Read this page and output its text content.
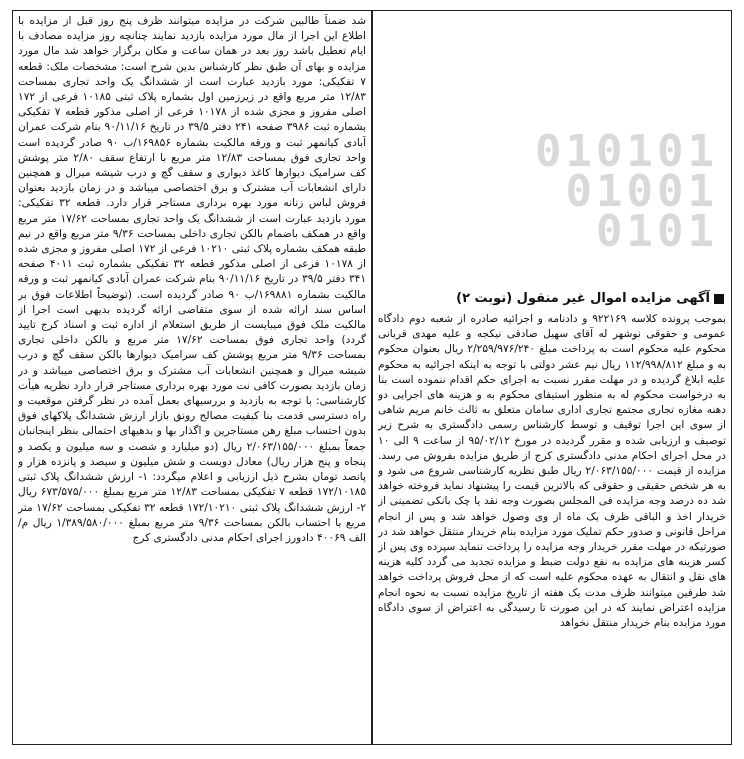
010101
01001
0101

شد ضمناً طالبین شرکت در مزایده میتوانند ظرف پنج روز قبل از مزایده با اطلاع این اجرا از مال مورد مزایده بازدید نمایند چنانچه روز مزایده مصادف با ایام تعطیل باشد روز بعد در همان ساعت و مکان برگزار خواهد شد مال مورد مزایده و بهای آن طبق نظر کارشناس بدین شرح است: مشخصات ملک: قطعه ۷ تفکیکی: مورد بازدید عبارت است از ششدانگ یک واحد تجاری بمساحت ۱۲/۸۳ متر مربع واقع در زیرزمین اول بشماره پلاک ثبتی ۱۰۱۸۵ فرعی از ۱۷۲ اصلی مفروز و مجزی شده از ۱۰۱۷۸ فرعی از اصلی مذکور قطعه ۷ تفکیکی بشماره ثبت ۳۹۸۶ صفحه ۲۴۱ دفتر ۳۹/۵ در تاریخ ۹۰/۱۱/۱۶ بنام شرکت عمران آبادی کیانمهر ثبت و ورقه مالکیت بشماره ۱۶۹۸۵۶/ب ۹۰ صادر گردیده است واحد تجاری فوق بمساحت ۱۲/۸۳ متر مربع با ارتفاع سقف ۲/۸۰ متر پوشش کف سرامیک دیوارها کاغذ دیواری و سقف گچ و درب شیشه میرال و همچنین دارای انشعابات آب مشترک و برق اختصاصی میباشد و در زمان بازدید بعنوان فروش لباس زنانه مورد بهره برداری مستاجر قرار دارد. قطعه ۳۲ تفکیکی: مورد بازدید عبارت است از ششدانگ یک واحد تجاری بمساحت ۱۷/۶۲ متر مربع واقع در همکف باضمام بالکن تجاری داخلی بمساحت ۹/۳۶ متر مربع واقع در نیم طبقه همکف بشماره پلاک ثبتی ۱۰۲۱۰ فرعی از ۱۷۲ اصلی مفروز و مجزی شده از ۱۰۱۷۸ فرعی از اصلی مذکور قطعه ۳۲ تفکیکی بشماره ثبت ۴۰۱۱ صفحه ۳۴۱ دفتر ۳۹/۵ در تاریخ ۹۰/۱۱/۱۶ بنام شرکت عمران آبادی کیانمهر ثبت و ورقه مالکیت بشماره ۱۶۹۸۸۱/ب ۹۰ صادر گردیده است. (توضیحاً اطلاعات فوق بر اساس سند ارائه شده از سوی متقاضی ارائه گردیده بدیهی است اجرا از مالکیت ملک فوق میبایست از طریق استعلام از اداره ثبت و اسناد کرج تایید گردد) واحد تجاری فوق بمساحت ۱۷/۶۲ متر مربع و بالکن داخلی تجاری بمساحت ۹/۳۶ متر مربع پوشش کف سرامیک دیوارها بالکن سقف گچ و درب شیشه میرال و همچنین انشعابات آب مشترک و برق اختصاصی میباشد و در زمان بازدید بصورت کافی نت مورد بهره برداری مستاجر قرار دارد نظریه هیأت کارشناسی: با توجه به بازدید و بررسیهای بعمل آمده در نظر گرفتن موقعیت و راه دسترسی قدمت بنا کیفیت مصالح رونق بازار ارزش ششدانگ پلاکهای فوق بدون احتساب مبلغ رهن مستاجرین و اگذار بها و بدهیهای احتمالی بنظر اینجانبان جمعاً بمبلغ ۲/۰۶۳/۱۵۵/۰۰۰ ریال (دو میلیارد و شصت و سه میلیون و یکصد و پنجاه و پنج هزار ریال) معادل دویست و شش میلیون و سیصد و پانزده هزار و پانصد تومان بشرح ذیل ارزیابی و اعلام میگردد: ۱- ارزش ششدانگ پلاک ثبتی ۱۷۲/۱۰۱۸۵ قطعه ۷ تفکیکی بمساحت ۱۲/۸۳ متر مربع بمبلغ ۶۷۳/۵۷۵/۰۰۰ ریال ۲- ارزش ششدانگ پلاک ثبتی ۱۷۲/۱۰۲۱۰ قطعه ۳۲ تفکیکی بمساحت ۱۷/۶۲ متر مربع با احتساب بالکن بمساحت ۹/۳۶ متر مربع بمبلغ ۱/۳۸۹/۵۸۰/۰۰۰ ریال م/الف ۴۰۰۶۹ دادورز اجرای احکام مدنی دادگستری کرج

آگهی مزایده اموال غیر منقول (نوبت ۲)

بموجب پرونده کلاسه ۹۲۲۱۶۹ و دادنامه و اجرائیه صادره از شعبه دوم دادگاه عمومی و حقوقی نوشهر له آقای سهیل صادقی نیکجه و علیه مهدی قربانی محکوم علیه محکوم است به پرداخت مبلغ ۲/۲۵۹/۹۷۶/۲۴۰ ریال بعنوان محکوم به و مبلغ ۱۱۲/۹۹۸/۸۱۲ ریال نیم عشر دولتی با توجه به اینکه اجرائیه به محکوم علیه ابلاغ گردیده و در مهلت مقرر نسبت به اجرای حکم اقدام ننموده است بنا به درخواست محکوم له به منظور استیفای محکوم به و هزینه های اجرایی دو دهنه مغازه تجاری مجتمع تجاری اداری سامان متعلق به ثالث خانم مریم شاهی از سوی این اجرا توقیف و توسط کارشناس رسمی دادگستری به شرح زیر توصیف و ارزیابی شده و مقرر گردیده در مورخ ۹۵/۰۲/۱۲ از ساعت ۹ الی ۱۰ در محل اجرای احکام مدنی دادگستری کرج از طریق مزایده بفروش می رسد. مزایده از قیمت ۲/۰۶۳/۱۵۵/۰۰۰ ریال طبق نظریه کارشناسی شروع می شود و به هر شخص حقیقی و حقوقی که بالاترین قیمت را پیشنهاد نماید فروخته خواهد شد ده درصد وجه مزایده فی المجلس بصورت وجه نقد یا چک بانکی تضمینی از خریدار اخذ و الباقی ظرف یک ماه از وی وصول خواهد شد و پس از انجام مراحل قانونی و صدور حکم تملیک مورد مزایده بنام خریدار منتقل خواهد شد در صورتیکه در مهلت مقرر خریدار وجه مزایده را پرداخت ننماید سپرده وی پس از کسر هزینه های مزایده به نفع دولت ضبط و مزایده تجدید می گردد کلیه هزینه های نقل و انتقال به عهده محکوم علیه است که از محل فروش پرداخت خواهد شد طرفین میتوانند ظرف مدت یک هفته از تاریخ مزایده نسبت به نحوه انجام مزایده اعتراض نمایند که در این صورت تا رسیدگی به اعتراض از سوی دادگاه مورد مزایده بنام خریدار منتقل نخواهد
